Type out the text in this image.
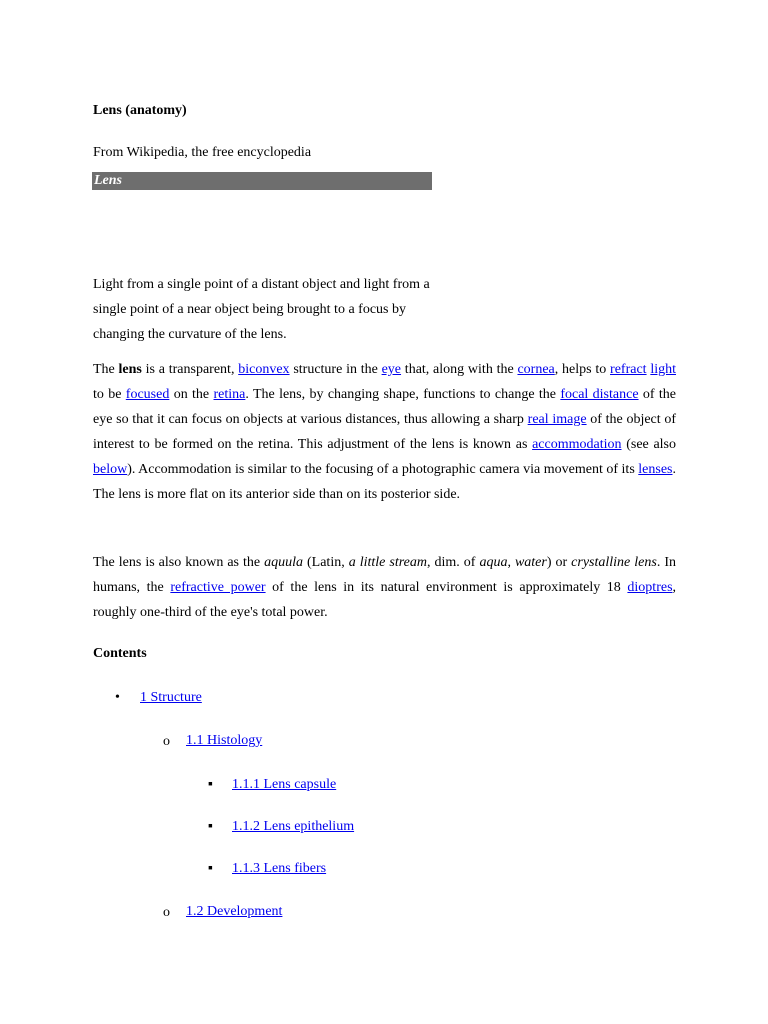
Lens (anatomy)
From Wikipedia, the free encyclopedia
Lens
Light from a single point of a distant object and light from a single point of a near object being brought to a focus by changing the curvature of the lens.
The lens is a transparent, biconvex structure in the eye that, along with the cornea, helps to refract light to be focused on the retina. The lens, by changing shape, functions to change the focal distance of the eye so that it can focus on objects at various distances, thus allowing a sharp real image of the object of interest to be formed on the retina. This adjustment of the lens is known as accommodation (see also below). Accommodation is similar to the focusing of a photographic camera via movement of its lenses. The lens is more flat on its anterior side than on its posterior side.
The lens is also known as the aquula (Latin, a little stream, dim. of aqua, water) or crystalline lens. In humans, the refractive power of the lens in its natural environment is approximately 18 dioptres, roughly one-third of the eye's total power.
Contents
• 1 Structure
o 1.1 Histology
▪ 1.1.1 Lens capsule
▪ 1.1.2 Lens epithelium
▪ 1.1.3 Lens fibers
o 1.2 Development
